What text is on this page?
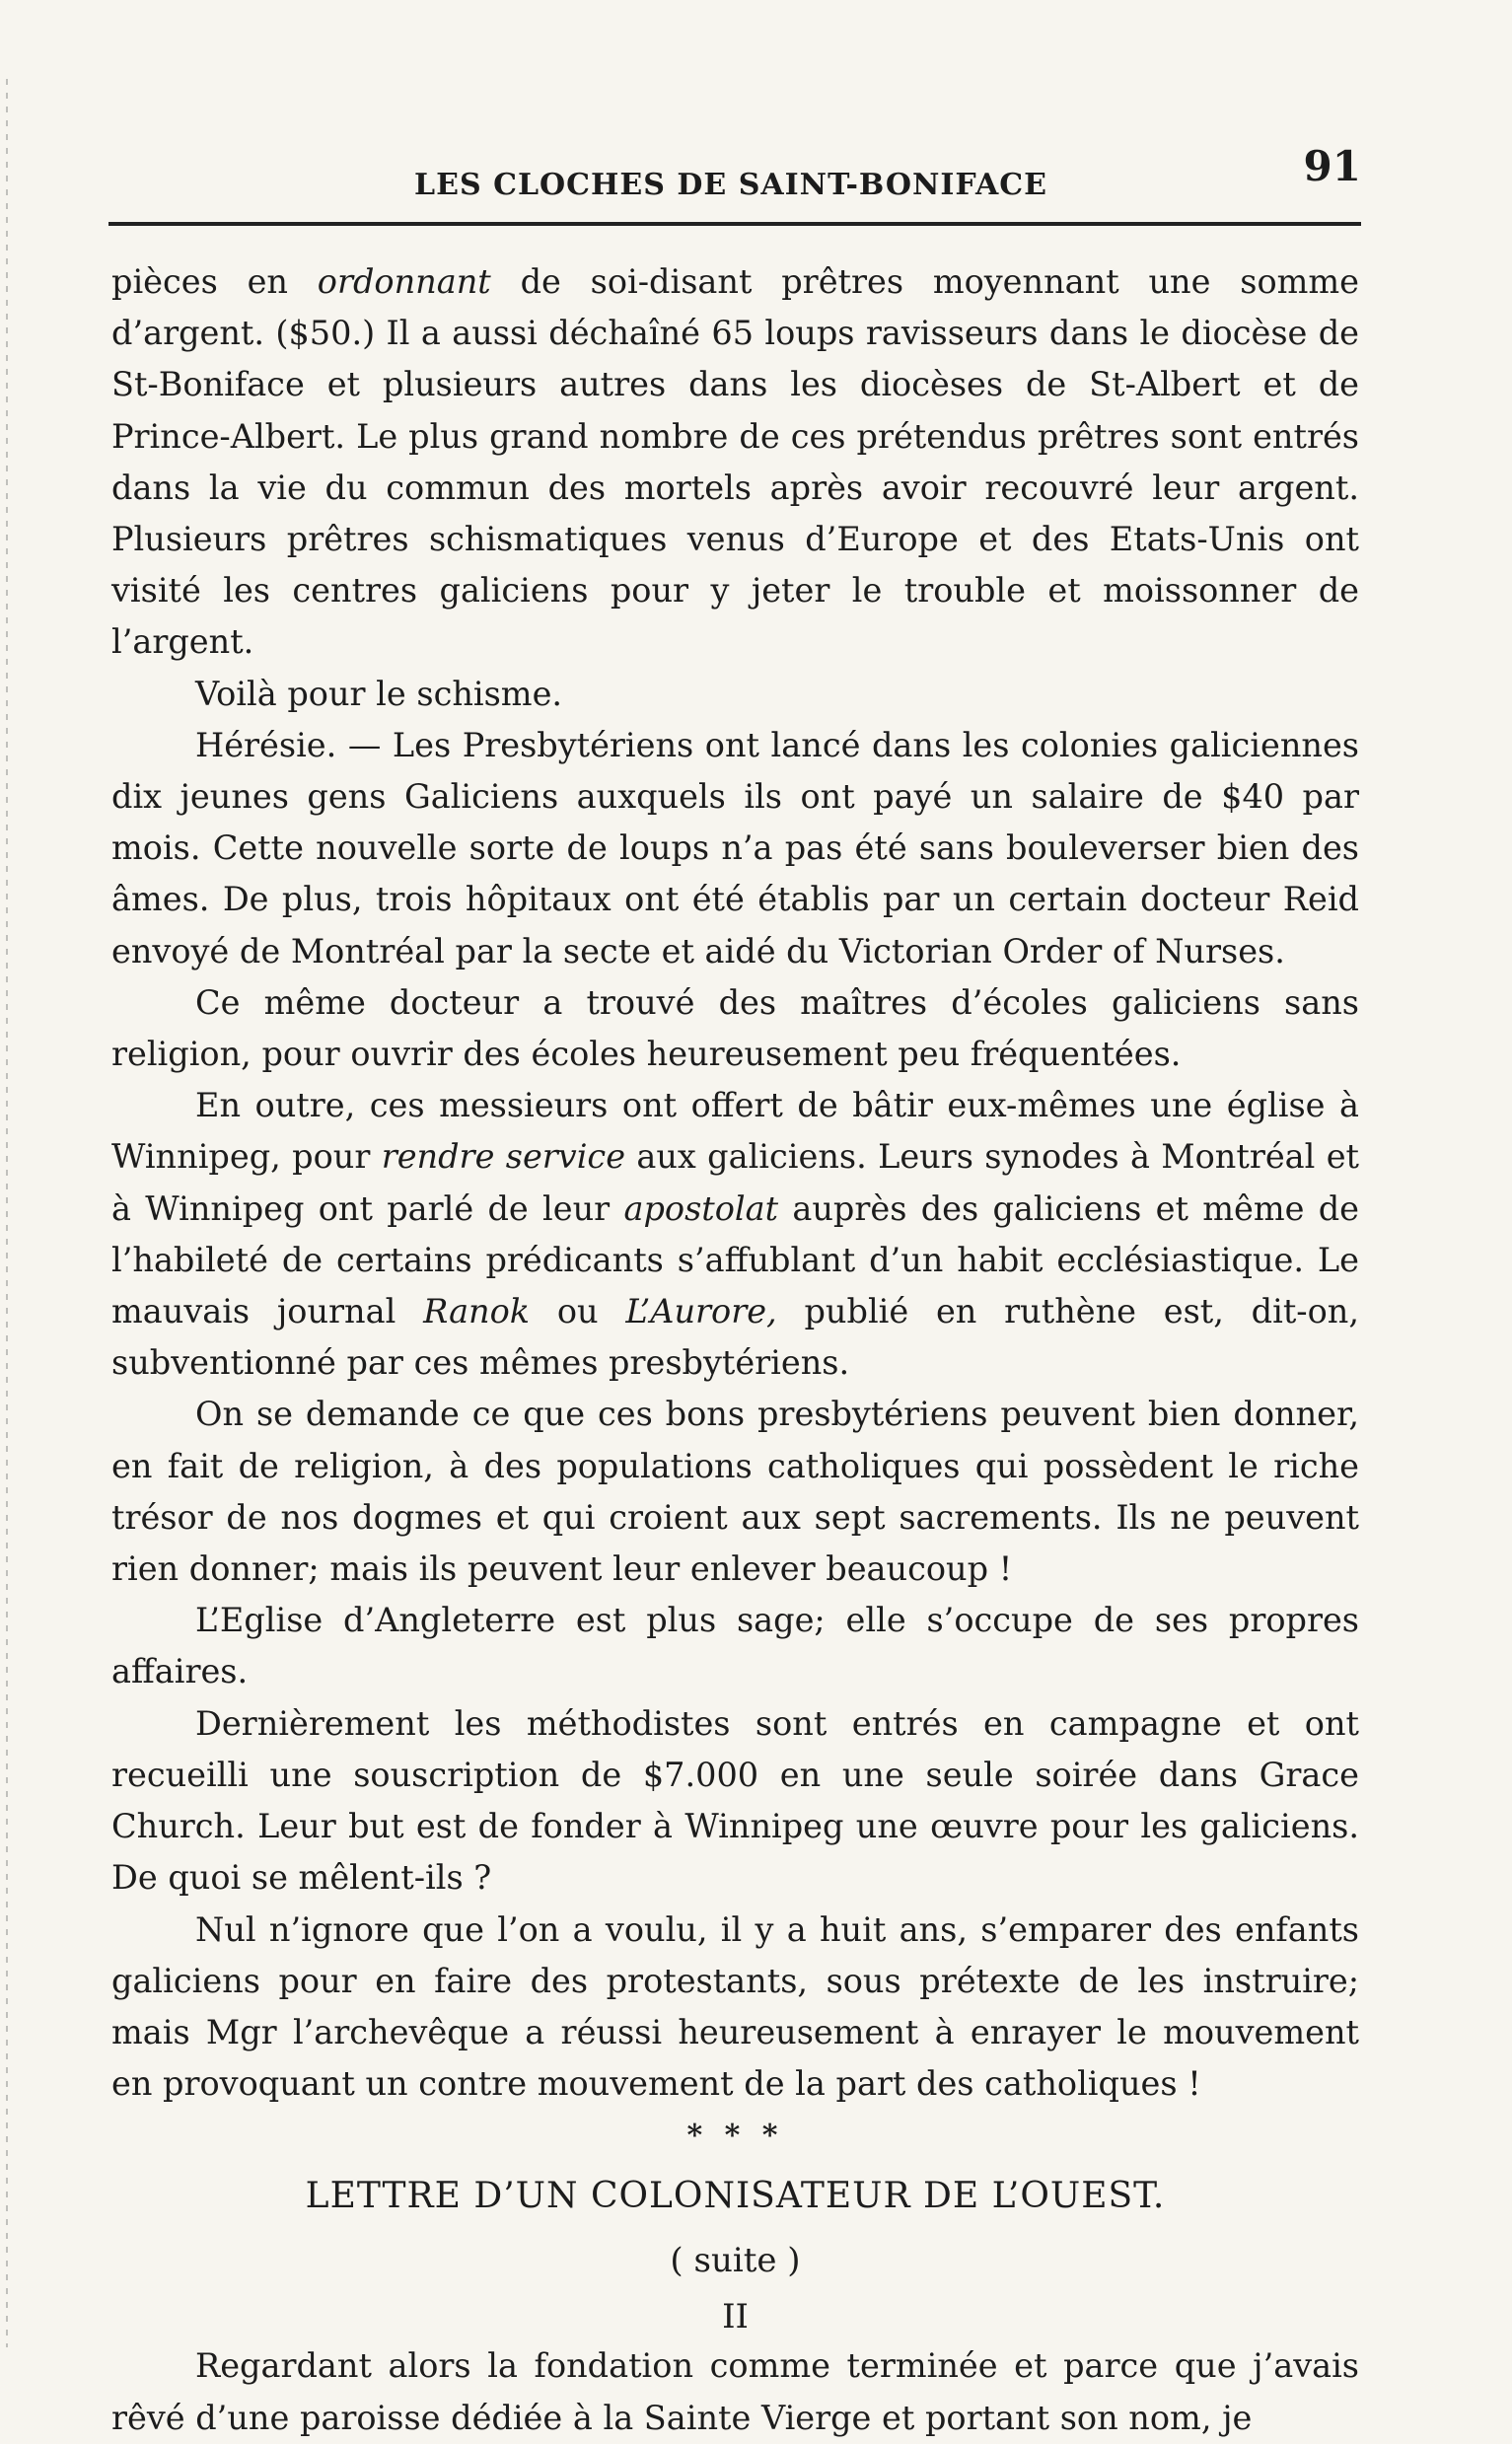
LES CLOCHES DE SAINT-BONIFACE	91

pièces en ordonnant de soi-disant prêtres moyennant une somme d’argent. ($50.) Il a aussi déchaîné 65 loups ravisseurs dans le diocèse de St-Boniface et plusieurs autres dans les diocèses de St-Albert et de Prince-Albert. Le plus grand nombre de ces prétendus prêtres sont entrés dans la vie du commun des mortels après avoir recouvré leur argent. Plusieurs prêtres schismatiques venus d’Europe et des Etats-Unis ont visité les centres galiciens pour y jeter le trouble et moissonner de l’argent.

Voilà pour le schisme.

Hérésie. — Les Presbytériens ont lancé dans les colonies galiciennes dix jeunes gens Galiciens auxquels ils ont payé un salaire de $40 par mois. Cette nouvelle sorte de loups n’a pas été sans bouleverser bien des âmes. De plus, trois hôpitaux ont été établis par un certain docteur Reid envoyé de Montréal par la secte et aidé du Victorian Order of Nurses.

Ce même docteur a trouvé des maîtres d’écoles galiciens sans religion, pour ouvrir des écoles heureusement peu fréquentées.

En outre, ces messieurs ont offert de bâtir eux-mêmes une église à Winnipeg, pour rendre service aux galiciens. Leurs synodes à Montréal et à Winnipeg ont parlé de leur apostolat auprès des galiciens et même de l’habileté de certains prédicants s’affublant d’un habit ecclésiastique. Le mauvais journal Ranok ou L’Aurore, publié en ruthène est, dit-on, subventionné par ces mêmes presbytériens.

On se demande ce que ces bons presbytériens peuvent bien donner, en fait de religion, à des populations catholiques qui possèdent le riche trésor de nos dogmes et qui croient aux sept sacrements. Ils ne peuvent rien donner; mais ils peuvent leur enlever beaucoup !

L’Eglise d’Angleterre est plus sage; elle s’occupe de ses propres affaires.

Dernièrement les méthodistes sont entrés en campagne et ont recueilli une souscription de $7.000 en une seule soirée dans Grace Church. Leur but est de fonder à Winnipeg une œuvre pour les galiciens. De quoi se mêlent-ils ?

Nul n’ignore que l’on a voulu, il y a huit ans, s’emparer des enfants galiciens pour en faire des protestants, sous prétexte de les instruire; mais Mgr l’archevêque a réussi heureusement à enrayer le mouvement en provoquant un contre mouvement de la part des catholiques !

* * *
LETTRE D’UN COLONISATEUR DE L’OUEST.
( suite )
II

Regardant alors la fondation comme terminée et parce que j’avais rêvé d’une paroisse dédiée à la Sainte Vierge et portant son nom, je
